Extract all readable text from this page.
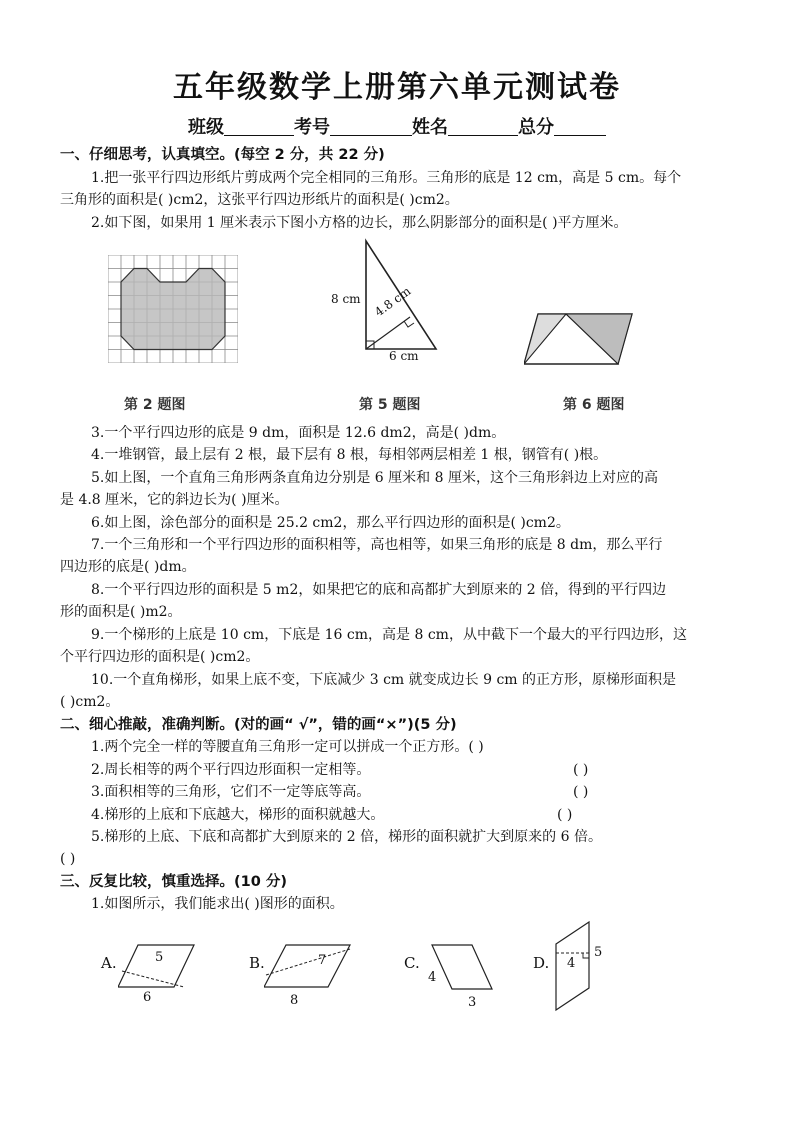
五年级数学上册第六单元测试卷
班级	考号	姓名	总分
一、仔细思考，认真填空。(每空 2 分，共 22 分)
1.把一张平行四边形纸片剪成两个完全相同的三角形。三角形的底是 12 cm，高是 5 cm。每个
三角形的面积是( )cm2，这张平行四边形纸片的面积是( )cm2。
2.如下图，如果用 1 厘米表示下图小方格的边长，那么阴影部分的面积是( )平方厘米。
第 2 题图
8 cm 4.8 cm
6 cm
第 5 题图	第 6 题图
3.一个平行四边形的底是 9 dm，面积是 12.6 dm2，高是( )dm。
4.一堆钢管，最上层有 2 根，最下层有 8 根，每相邻两层相差 1 根，钢管有( )根。
5.如上图，一个直角三角形两条直角边分别是 6 厘米和 8 厘米，这个三角形斜边上对应的高
是 4.8 厘米，它的斜边长为( )厘米。
6.如上图，涂色部分的面积是 25.2 cm2，那么平行四边形的面积是( )cm2。
7.一个三角形和一个平行四边形的面积相等，高也相等，如果三角形的底是 8 dm，那么平行
四边形的底是( )dm。
8.一个平行四边形的面积是 5 m2，如果把它的底和高都扩大到原来的 2 倍，得到的平行四边
形的面积是( )m2。
9.一个梯形的上底是 10 cm，下底是 16 cm，高是 8 cm，从中截下一个最大的平行四边形，这
个平行四边形的面积是( )cm2。
10.一个直角梯形，如果上底不变，下底减少 3 cm 就变成边长 9 cm 的正方形，原梯形面积是
( )cm2。
二、细心推敲，准确判断。(对的画“ √”，错的画“×”)(5 分)
1.两个完全一样的等腰直角三角形一定可以拼成一个正方形。( )
2.周长相等的两个平行四边形面积一定相等。	( )
3.面积相等的三角形，它们不一定等底等高。	( )
4.梯形的上底和下底越大，梯形的面积就越大。	( )
5.梯形的上底、下底和高都扩大到原来的 2 倍，梯形的面积就扩大到原来的 6 倍。
( )
三、反复比较，慎重选择。(10 分)
1.如图所示，我们能求出( )图形的面积。
A.	5
6
B.	7
8
C.
4
3
D. 4
5
